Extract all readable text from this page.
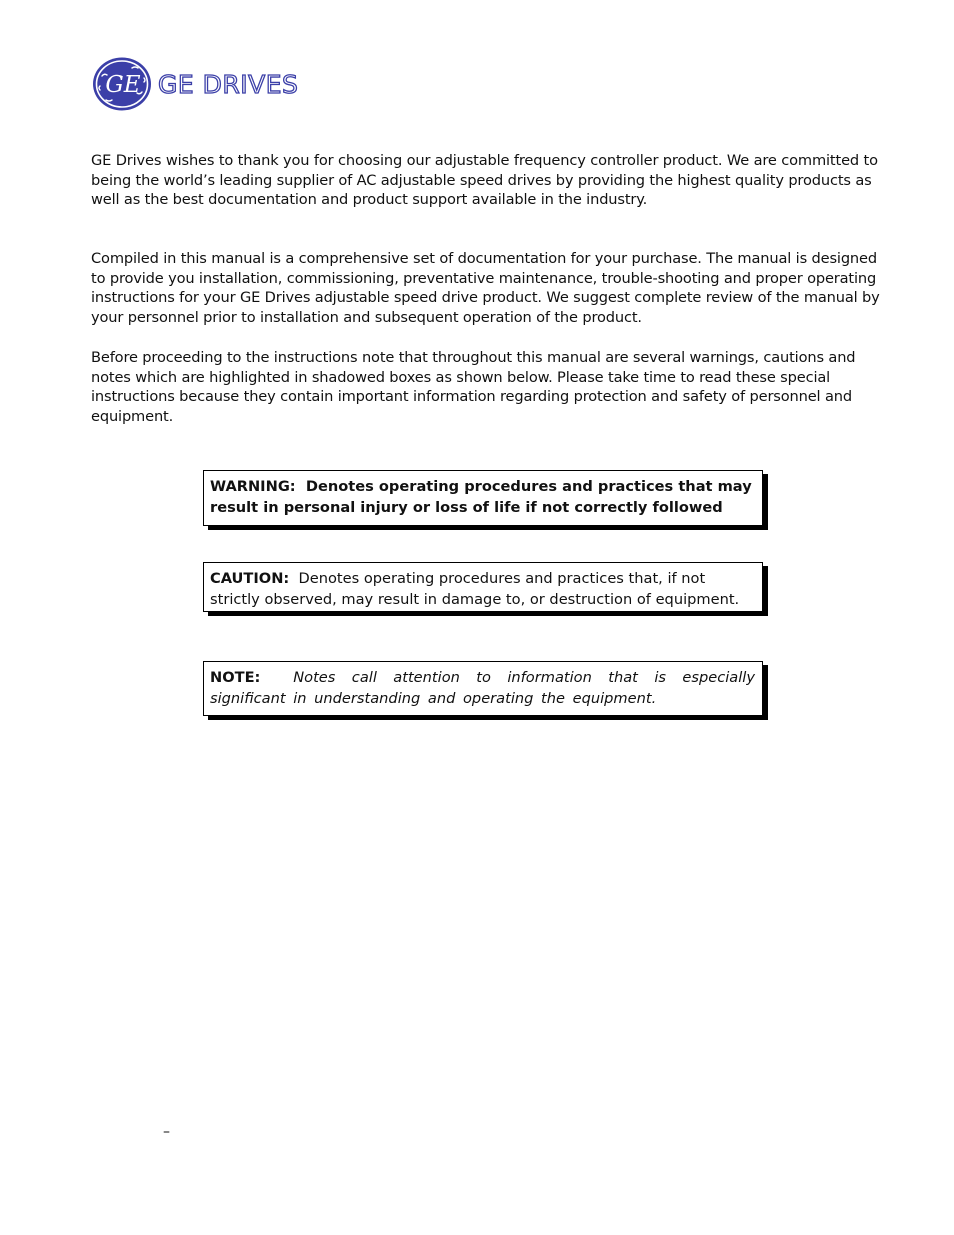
GE GE DRIVES

GE Drives wishes to thank you for choosing our adjustable frequency controller product. We are committed to being the world’s leading supplier of AC adjustable speed drives by providing the highest quality products as well as the best documentation and product support available in the industry.

Compiled in this manual is a comprehensive set of documentation for your purchase. The manual is designed to provide you installation, commissioning, preventative maintenance, trouble-shooting and proper operating instructions for your GE Drives adjustable speed drive product. We suggest complete review of the manual by your personnel prior to installation and subsequent operation of the product.

Before proceeding to the instructions note that throughout this manual are several warnings, cautions and notes which are highlighted in shadowed boxes as shown below. Please take time to read these special instructions because they contain important information regarding protection and safety of personnel and equipment.

WARNING: Denotes operating procedures and practices that may result in personal injury or loss of life if not correctly followed
CAUTION: Denotes operating procedures and practices that, if not strictly observed, may result in damage to, or destruction of equipment.
NOTE: Notes call attention to information that is especially significant in understanding and operating the equipment.
–
